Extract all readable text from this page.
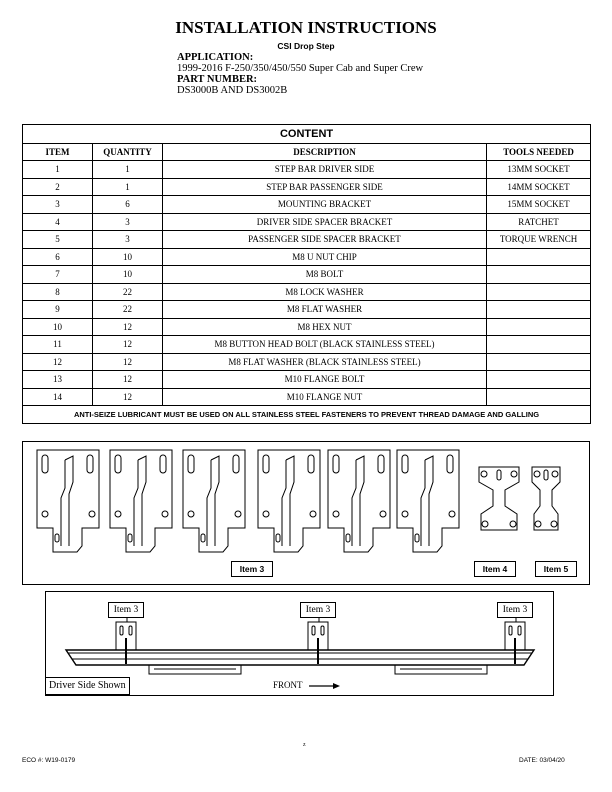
INSTALLATION INSTRUCTIONS
CSI Drop Step
APPLICATION:
1999-2016 F-250/350/450/550 Super Cab and Super Crew
PART NUMBER:
DS3000B AND DS3002B
CONTENT			
ITEM	QUANTITY	DESCRIPTION	TOOLS NEEDED
1	1	STEP BAR DRIVER SIDE	13MM SOCKET
2	1	STEP BAR PASSENGER SIDE	14MM SOCKET
3	6	MOUNTING BRACKET	15MM SOCKET
4	3	DRIVER SIDE SPACER BRACKET	RATCHET
5	3	PASSENGER SIDE SPACER BRACKET	TORQUE WRENCH
6	10	M8 U NUT CHIP	
7	10	M8 BOLT	
8	22	M8 LOCK WASHER	
9	22	M8 FLAT WASHER	
10	12	M8 HEX NUT	
11	12	M8 BUTTON HEAD BOLT (BLACK STAINLESS STEEL)	
12	12	M8 FLAT WASHER (BLACK STAINLESS STEEL)	
13	12	M10 FLANGE BOLT	
14	12	M10 FLANGE NUT	
ANTI-SEIZE LUBRICANT MUST BE USED ON ALL STAINLESS STEEL FASTENERS TO PREVENT THREAD DAMAGE AND GALLING			
Item 3	Item 4	Item 5
Item 3	Item 3	Item 3
Driver Side Shown	FRONT
z
ECO #: W19-0179	DATE: 03/04/20
